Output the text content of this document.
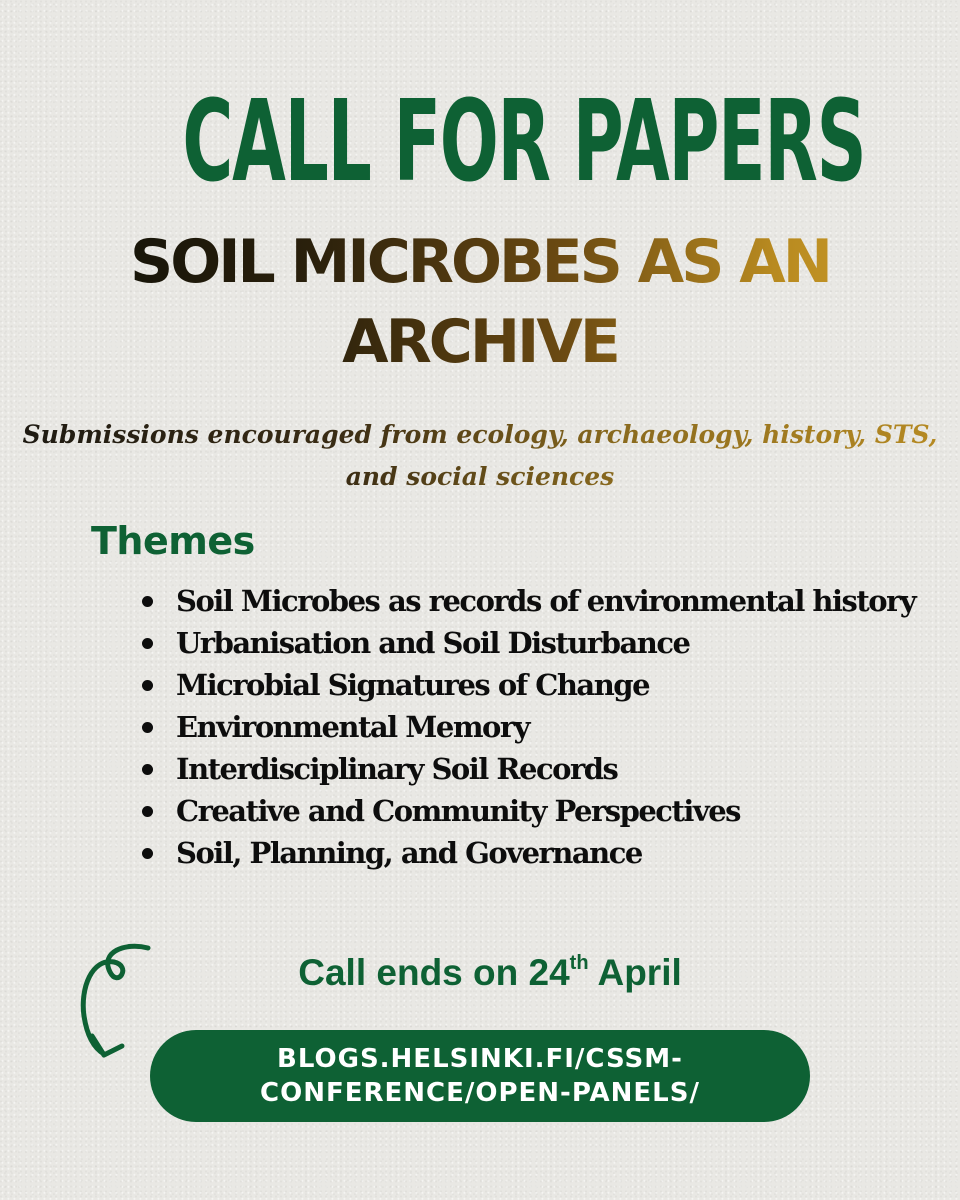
CALL FOR PAPERS
SOIL MICROBES AS AN ARCHIVE
Submissions encouraged from ecology, archaeology, history, STS, and social sciences
Themes
Soil Microbes as records of environmental history
Urbanisation and Soil Disturbance
Microbial Signatures of Change
Environmental Memory
Interdisciplinary Soil Records
Creative and Community Perspectives
Soil, Planning, and Governance
Call ends on 24th April
BLOGS.HELSINKI.FI/CSSM-CONFERENCE/OPEN-PANELS/
